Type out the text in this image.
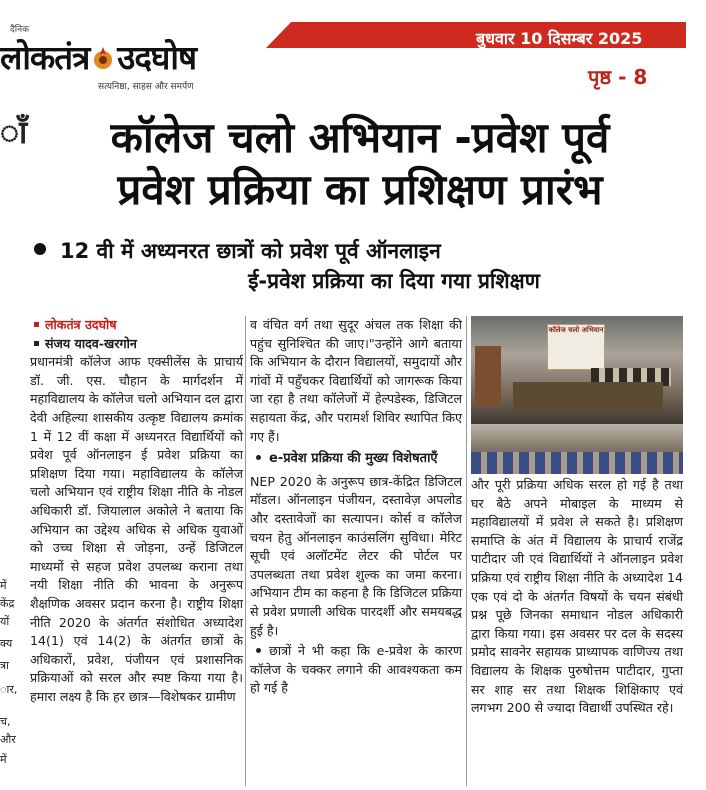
दैनिक
लोकतंत्र उदघोष
सत्यनिष्ठा, साहस और समर्पण
बुधवार 10 दिसम्बर 2025
पृष्ठ - 8
ाँ
में
केंद्र
यों
क्य
त्रा
ार,
च,
और
में
कॉलेज चलो अभियान -प्रवेश पूर्व
प्रवेश प्रक्रिया का प्रशिक्षण प्रारंभ
12 वी में अध्यनरत छात्रों को प्रवेश पूर्व ऑनलाइन
ई-प्रवेश प्रक्रिया का दिया गया प्रशिक्षण
लोकतंत्र उदघोष
संजय यादव-खरगोन
प्रधानमंत्री कॉलेज आफ एक्सीलेंस के प्राचार्य डॉ. जी. एस. चौहान के मार्गदर्शन में महाविद्यालय के कॉलेज चलो अभियान दल द्वारा देवी अहिल्या शासकीय उत्कृष्ट विद्यालय क्रमांक 1 में 12 वीं कक्षा में अध्यनरत विद्यार्थियों को प्रवेश पूर्व ऑनलाइन ई प्रवेश प्रक्रिया का प्रशिक्षण दिया गया। महाविद्यालय के कॉलेज चलो अभियान एवं राष्ट्रीय शिक्षा नीति के नोडल अधिकारी डॉ. जियालाल अकोले ने बताया कि अभियान का उद्देश्य अधिक से अधिक युवाओं को उच्च शिक्षा से जोड़ना, उन्हें डिजिटल माध्यमों से सहज प्रवेश उपलब्ध कराना तथा नयी शिक्षा नीति की भावना के अनुरूप शैक्षणिक अवसर प्रदान करना है। राष्ट्रीय शिक्षा नीति 2020 के अंतर्गत संशोधित अध्यादेश 14(1) एवं 14(2) के अंतर्गत छात्रों के अधिकारों, प्रवेश, पंजीयन एवं प्रशासनिक प्रक्रियाओं को सरल और स्पष्ट किया गया है। हमारा लक्ष्य है कि हर छात्र—विशेषकर ग्रामीण
व वंचित वर्ग तथा सुदूर अंचल तक शिक्षा की पहुंच सुनिश्चित की जाए।"उन्होंने आगे बताया कि अभियान के दौरान विद्यालयों, समुदायों और गांवों में पहुँचकर विद्यार्थियों को जागरूक किया जा रहा है तथा कॉलेजों में हेल्पडेस्क, डिजिटल सहायता केंद्र, और परामर्श शिविर स्थापित किए गए हैं।
e-प्रवेश प्रक्रिया की मुख्य विशेषताएँ
NEP 2020 के अनुरूप छात्र-केंद्रित डिजिटल मॉडल। ऑनलाइन पंजीयन, दस्तावेज़ अपलोड और दस्तावेजों का सत्यापन। कोर्स व कॉलेज चयन हेतु ऑनलाइन काउंसलिंग सुविधा। मेरिट सूची एवं अलॉटमेंट लेटर की पोर्टल पर उपलब्धता तथा प्रवेश शुल्क का जमा करना। अभियान टीम का कहना है कि डिजिटल प्रक्रिया से प्रवेश प्रणाली अधिक पारदर्शी और समयबद्ध हुई है।
छात्रों ने भी कहा कि e-प्रवेश के कारण कॉलेज के चक्कर लगाने की आवश्यकता कम हो गई है
कॉलेज चलो अभियान
और पूरी प्रक्रिया अधिक सरल हो गई है तथा घर बैठे अपने मोबाइल के माध्यम से महाविद्यालयों में प्रवेश ले सकते है। प्रशिक्षण समाप्ति के अंत में विद्यालय के प्राचार्य राजेंद्र पाटीदार जी एवं विद्यार्थियों ने ऑनलाइन प्रवेश प्रक्रिया एवं राष्ट्रीय शिक्षा नीति के अध्यादेश 14 एक एवं दो के अंतर्गत विषयों के चयन संबंधी प्रश्न पूछे जिनका समाधान नोडल अधिकारी द्वारा किया गया। इस अवसर पर दल के सदस्य प्रमोद सावनेर सहायक प्राध्यापक वाणिज्य तथा विद्यालय के शिक्षक पुरुषोत्तम पाटीदार, गुप्ता सर शाह सर तथा शिक्षक शिक्षिकाए एवं लगभग 200 से ज्यादा विद्यार्थी उपस्थित रहे।
